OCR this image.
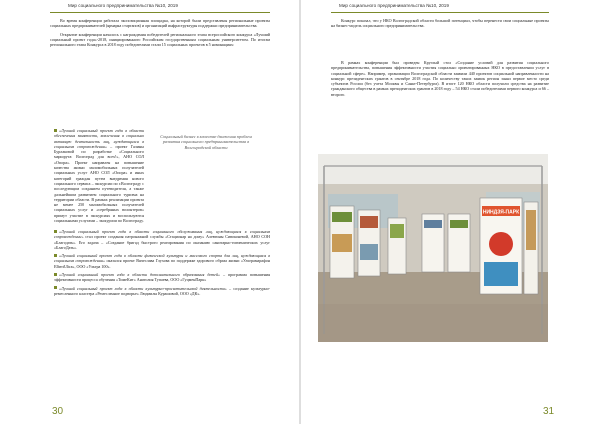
Мир социального предпринимательства №10, 2019

Во время конференции работала экспозиционная площадка, на которой были представлены региональные проекты социальных предпринимателей (ярмарка стартапов) и организаций инфраструктуры поддержки предпринимательства.

Открытие конференции началось с награждения победителей регионального этапа всероссийского конкурса «Лучший социальный проект года»-2018, инициированного Российским государственным социальным университетом. По итогам регионального этапа Конкурса в 2018 году победителями стали 15 социальных проектов в 5 номинациях:

«Лучший социальный проект года в области обеспечения занятости, вовлечения в социально активную деятельность лиц, нуждающихся в социальном сопровождении» – проект Галины Бурлаковой по разработке «Социального маршрута: Волгоград для всех!», АНО СОЛ «Опора». Проект направлен на повышение качества жизни маломобильных получателей социальных услуг АНО СОЛ «Опора» и иных категорий граждан путем внедрения нового социального сервиса – экскурсии по г.Волгограду с последующим созданием путеводителя, а также дальнейшим развитием социального туризма на территории области. В рамках реализации проекта не менее 250 маломобильных получателей социальных услуг и «серебряных волонтеров» примут участие в экскурсиях и воспользуются социальными услугами – экскурсии по Волгограду.

Социальный бизнес в качестве движения проблем развития социального предпринимательства в Волгоградской области

«Лучший социальный проект года в области социального обслуживания лиц, нуждающихся в социальном сопровождении» стал проект создания патронажной службы «Стационар на дому» Алевтины Сивоконевой, АНО СОН «Благодать». Его задача – «Создание бригад быстрого реагирования по оказанию санитарно-гигиенических услуг «БлагоДать».

«Лучший социальный проект года в области физической культуры и массового спорта для лиц, нуждающихся в социальном сопровождении» оказался проект Вячеслава Глухова по поддержке здорового образа жизни «Ультрамарафон ElbertUltra», ООО «Ультра 100».

«Лучший социальный проект года в области дополнительного образования детей» – программа повышения эффективности процесса обучения «ТимеКит» Анатолия Тупаева, ООО «ГуцменПарк»

«Лучший социальный проект года в области культурно-просветительской деятельности» – создание культурно-ремесленного кластера «Ремесленное подворье» Людмилы Курашовой, ООО «ДК».

30
Мир социального предпринимательства №10, 2019

Конкурс показал, что у НКО Волгоградской области большой потенциал, чтобы перенести свои социальные проекты на бизнес-модель социального предпринимательства.

В рамках конференции был проведен Круглый стол «Создание условий для развития социального предпринимательства, повышения эффективности участия социально ориентированных НКО в предоставлении услуг в социальной сфере». Например, организации Волгоградской области заявили 440 проектов социальной направленности на конкурс президентских грантов в сентябре 2018 года. По количеству таких заявок регион занял первое место среди субъектов России (без учета Москвы и Санкт-Петербурга). В итоге 120 НКО области получили средства на развитие гражданского общества в рамках президентских грантов в 2018 году – 54 НКО стали победителями первого конкурса и 66 – второго.

31
НИНДЗЯ-ПАРК
